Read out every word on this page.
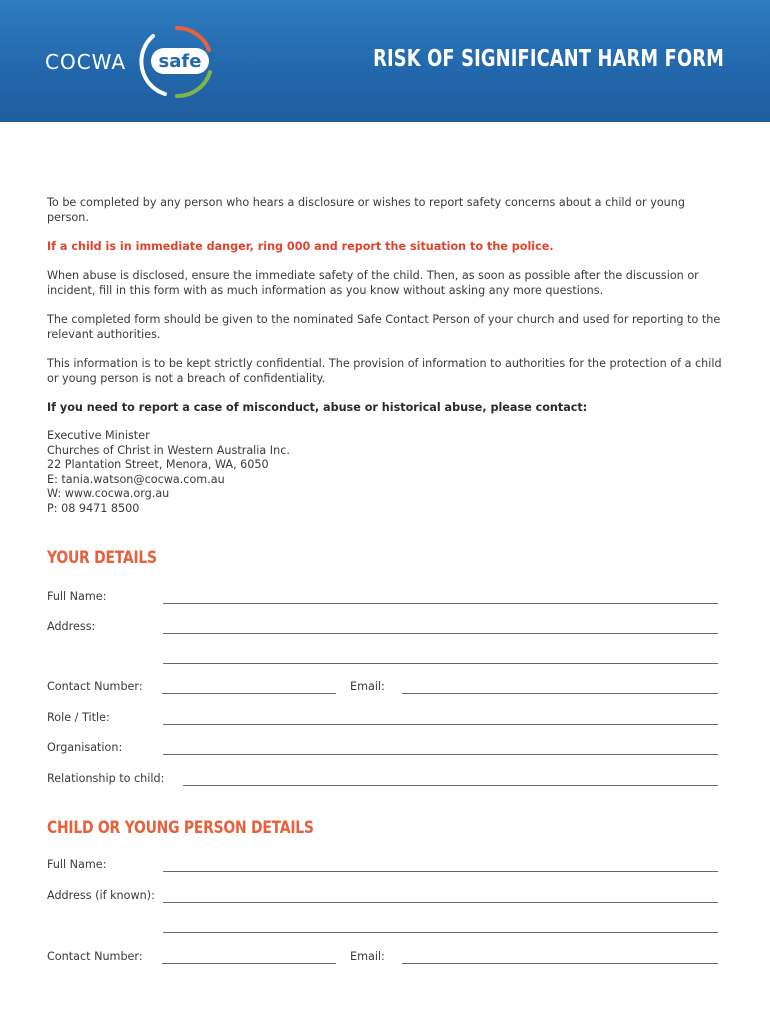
COCWA safe	RISK OF SIGNIFICANT HARM FORM

To be completed by any person who hears a disclosure or wishes to report safety concerns about a child or young person.

If a child is in immediate danger, ring 000 and report the situation to the police.

When abuse is disclosed, ensure the immediate safety of the child. Then, as soon as possible after the discussion or incident, fill in this form with as much information as you know without asking any more questions.

The completed form should be given to the nominated Safe Contact Person of your church and used for reporting to the relevant authorities.

This information is to be kept strictly confidential. The provision of information to authorities for the protection of a child or young person is not a breach of confidentiality.

If you need to report a case of misconduct, abuse or historical abuse, please contact:

Executive Minister
Churches of Christ in Western Australia Inc.
22 Plantation Street, Menora, WA, 6050
E: tania.watson@cocwa.com.au
W: www.cocwa.org.au
P: 08 9471 8500
YOUR DETAILS
Full Name:
Address:
Contact Number:	Email:
Role / Title:
Organisation:
Relationship to child:
CHILD OR YOUNG PERSON DETAILS
Full Name:
Address (if known):
Contact Number:	Email:
